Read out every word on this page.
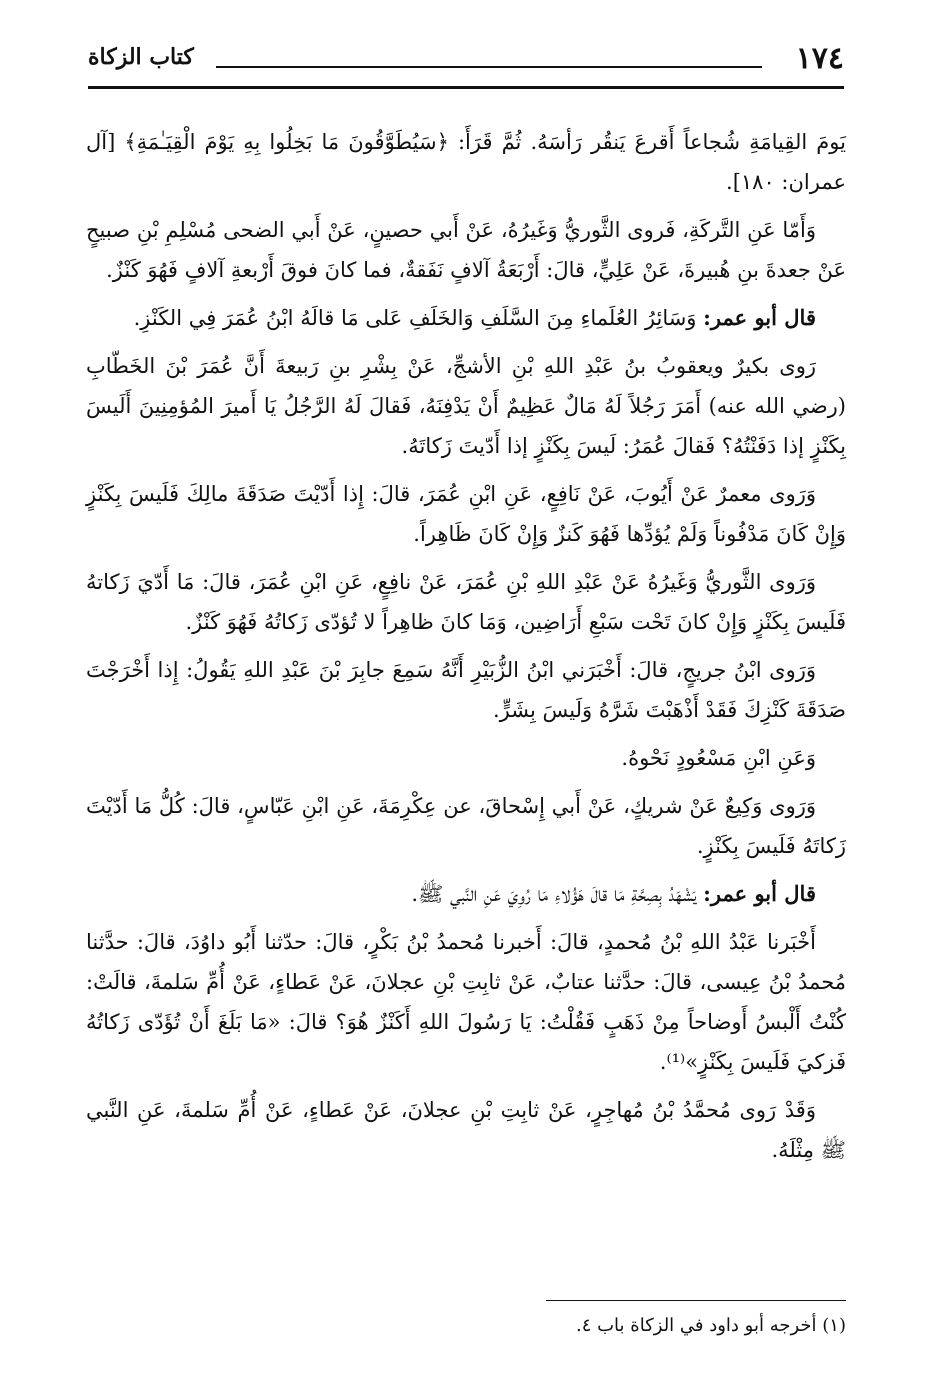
١٧٤
كتاب الزكاة

يَومَ القِيامَةِ شُجاعاً أَقرعَ يَنقُر رَأسَهُ. ثُمَّ قَرَأَ: ﴿سَيُطَوَّقُونَ مَا بَخِلُوا بِهِ يَوْمَ الْقِيَـٰمَةِ﴾ [آل عمران: ١٨٠].

وَأَمّا عَنِ التَّركَةِ، فَروى الثَّوريُّ وَغَيرُهُ، عَنْ أَبي حصينٍ، عَنْ أَبي الضحى مُسْلِمِ بْنِ صبيحٍ عَنْ جعدةَ بنِ هُبيرةَ، عَنْ عَلِيٍّ، قالَ: أَرْبَعَةُ آلافٍ نَفَقةٌ، فما كانَ فوقَ أَرْبعةِ آلافٍ فَهُوَ كَنْزٌ.

قال أبو عمر: وَسَائِرُ العُلَماءِ مِنَ السَّلَفِ وَالخَلَفِ عَلى مَا قالَهُ ابْنُ عُمَرَ فِي الكَنْزِ.

رَوى بكيرٌ ويعقوبُ بنُ عَبْدِ اللهِ بْنِ الأشجِّ، عَنْ بِشْرِ بنِ رَبيعةَ أَنَّ عُمَرَ بْنَ الخَطّابِ (رضي الله عنه) أَمَرَ رَجُلاً لَهُ مَالٌ عَظِيمٌ أَنْ يَدْفِنَهُ، فَقالَ لَهُ الرَّجُلُ يَا أَميرَ المُؤمِنِينَ أَلَيسَ بِكَنْزٍ إذا دَفَنْتُهُ؟ فَقالَ عُمَرُ: لَيسَ بِكَنْزٍ إذا أَدّيتَ زَكاتَهُ.

وَرَوى معمرٌ عَنْ أَيُوبَ، عَنْ نَافِعٍ، عَنِ ابْنِ عُمَرَ، قالَ: إِذا أَدّيْتَ صَدَقَةَ مالِكَ فَلَيسَ بِكَنْزٍ وَإِنْ كَانَ مَدْفُوناً وَلَمْ يُؤدِّها فَهُوَ كَنزٌ وَإِنْ كَانَ ظَاهِراً.

وَرَوى الثَّوريُّ وَغَيرُهُ عَنْ عَبْدِ اللهِ بْنِ عُمَرَ، عَنْ نافِعٍ، عَنِ ابْنِ عُمَرَ، قالَ: مَا أَدّيَ زَكاتهُ فَلَيسَ بِكَنْزٍ وَإِنْ كانَ تَحْت سَبْعِ أَرَاضِين، وَمَا كانَ ظاهِراً لا تُؤدّى زَكاتُهُ فَهُوَ كَنْزٌ.

وَرَوى ابْنُ جريجٍ، قالَ: أَخْبَرَني ابْنُ الزُّبَيْرِ أَنَّهُ سَمِعَ جابِرَ بْنَ عَبْدِ اللهِ يَقُولُ: إِذا أَخْرَجْتَ صَدَقَةَ كَنْزِكَ فَقَدْ أَذْهَبْتَ شَرَّهُ وَلَيسَ بِشَرٍّ.

وَعَنِ ابْنِ مَسْعُودٍ نَحْوهُ.

وَرَوى وَكِيعٌ عَنْ شريكٍ، عَنْ أَبي إِسْحاقَ، عن عِكْرِمَةَ، عَنِ ابْنِ عَبّاسٍ، قالَ: كُلُّ مَا أَدّيْتَ زَكاتَهُ فَلَيسَ بِكَنْزٍ.

قال أبو عمر: يَشْهَدُ بِصِحَّةِ مَا قالَ هَؤُلاءِ مَا رُوِيَ عَنِ النَّبي ﷺ.

أَخْبَرنا عَبْدُ اللهِ بْنُ مُحمدٍ، قالَ: أَخبرنا مُحمدُ بْنُ بَكْرٍ، قالَ: حدّثنا أَبُو داوُدَ، قالَ: حدَّثنا مُحمدُ بْنُ عِيسى، قالَ: حدَّثنا عتابٌ، عَنْ ثابِتِ بْنِ عجلانَ، عَنْ عَطاءٍ، عَنْ أُمِّ سَلمةَ، قالَتْ: كُنْتُ أَلْبسُ أَوضاحاً مِنْ ذَهَبٍ فَقُلْتُ: يَا رَسُولَ اللهِ أَكَنْزٌ هُوَ؟ قالَ: «مَا بَلَغَ أَنْ تُؤَدّى زَكاتُهُ فَزكيَ فَلَيسَ بِكَنْزٍ»⁽¹⁾.

وَقَدْ رَوى مُحمَّدُ بْنُ مُهاجِرٍ، عَنْ ثابِتِ بْنِ عجلانَ، عَنْ عَطاءٍ، عَنْ أُمِّ سَلمةَ، عَنِ النَّبي ﷺ مِثْلَهُ.

(١) أخرجه أبو داود في الزكاة باب ٤.
